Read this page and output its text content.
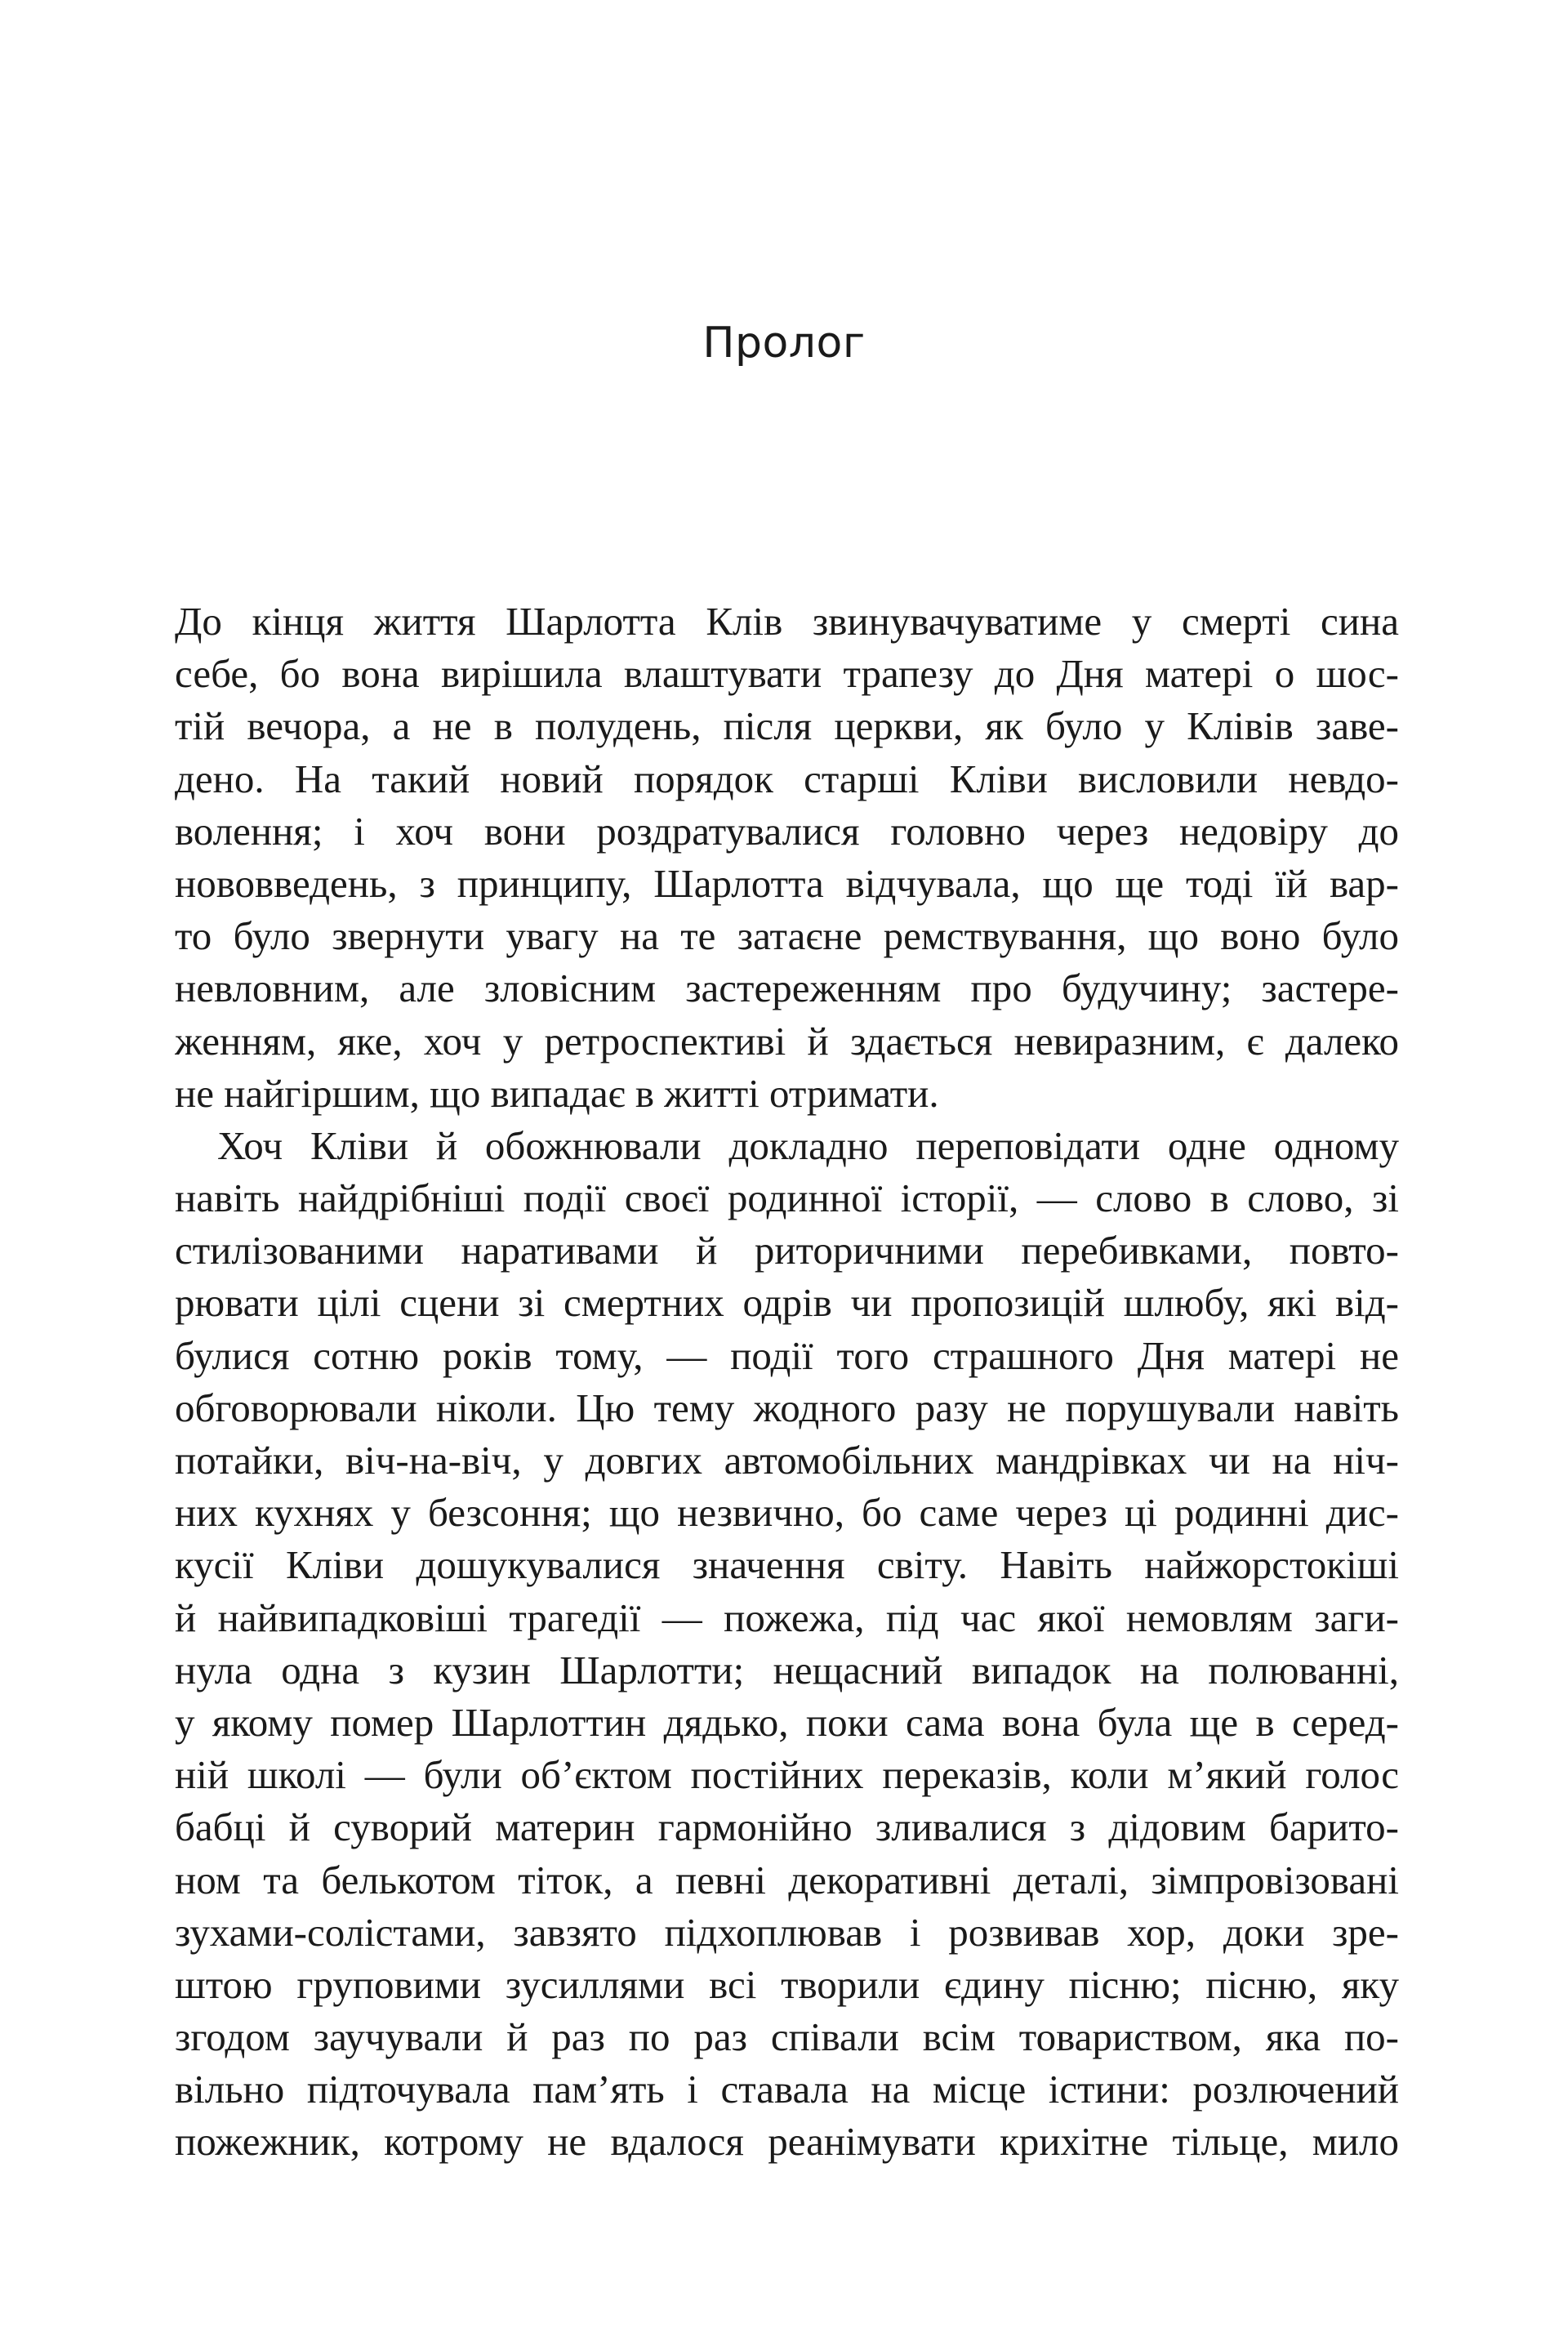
Пролог
До кінця життя Шарлотта Клів звинувачуватиме у смерті сина
себе, бо вона вирішила влаштувати трапезу до Дня матері о шос-
тій вечора, а не в полудень, після церкви, як було у Клівів заве-
дено. На такий новий порядок старші Кліви висловили невдо-
волення; і хоч вони роздратувалися головно через недовіру до
нововведень, з принципу, Шарлотта відчувала, що ще тоді їй вар-
то було звернути увагу на те затаєне ремствування, що воно було
невловним, але зловісним застереженням про будучину; застере-
женням, яке, хоч у ретроспективі й здається невиразним, є далеко
не найгіршим, що випадає в житті отримати.
Хоч Кліви й обожнювали докладно переповідати одне одному
навіть найдрібніші події своєї родинної історії, — слово в слово, зі
стилізованими наративами й риторичними перебивками, повто-
рювати цілі сцени зі смертних одрів чи пропозицій шлюбу, які від-
булися сотню років тому, — події того страшного Дня матері не
обговорювали ніколи. Цю тему жодного разу не порушували навіть
потайки, віч-на-віч, у довгих автомобільних мандрівках чи на ніч-
них кухнях у безсоння; що незвично, бо саме через ці родинні дис-
кусії Кліви дошукувалися значення світу. Навіть найжорстокіші
й найвипадковіші трагедії — пожежа, під час якої немовлям заги-
нула одна з кузин Шарлотти; нещасний випадок на полюванні,
у якому помер Шарлоттин дядько, поки сама вона була ще в серед-
ній школі — були об’єктом постійних переказів, коли м’який голос
бабці й суворий материн гармонійно зливалися з дідовим барито-
ном та белькотом тіток, а певні декоративні деталі, зімпровізовані
зухами-солістами, завзято підхоплював і розвивав хор, доки зре-
штою груповими зусиллями всі творили єдину пісню; пісню, яку
згодом заучували й раз по раз співали всім товариством, яка по-
вільно підточувала пам’ять і ставала на місце істини: розлючений
пожежник, котрому не вдалося реанімувати крихітне тільце, мило
